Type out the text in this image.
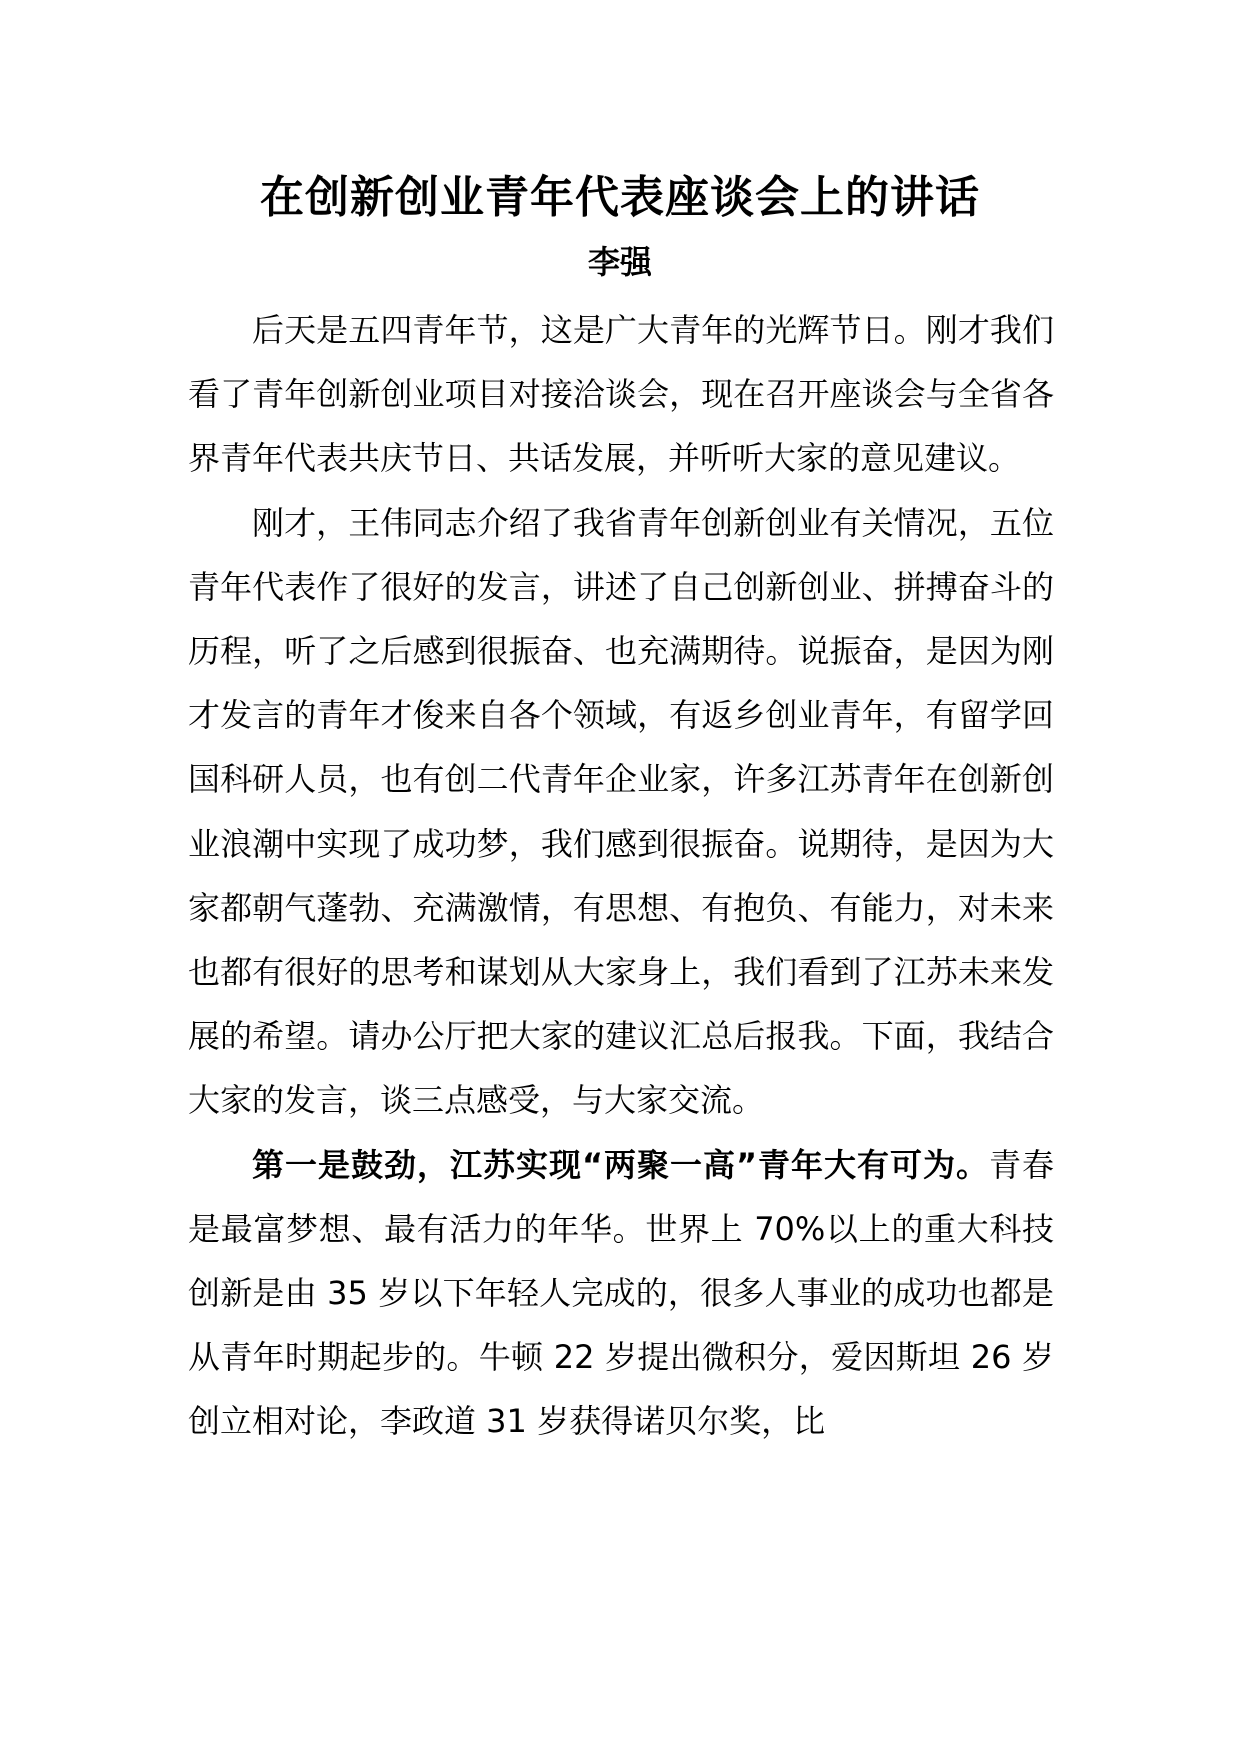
在创新创业青年代表座谈会上的讲话
李强

后天是五四青年节，这是广大青年的光辉节日。刚才我们看了青年创新创业项目对接洽谈会，现在召开座谈会与全省各界青年代表共庆节日、共话发展，并听听大家的意见建议。

刚才，王伟同志介绍了我省青年创新创业有关情况，五位青年代表作了很好的发言，讲述了自己创新创业、拼搏奋斗的历程，听了之后感到很振奋、也充满期待。说振奋，是因为刚才发言的青年才俊来自各个领域，有返乡创业青年，有留学回国科研人员，也有创二代青年企业家，许多江苏青年在创新创业浪潮中实现了成功梦，我们感到很振奋。说期待，是因为大家都朝气蓬勃、充满激情，有思想、有抱负、有能力，对未来也都有很好的思考和谋划从大家身上，我们看到了江苏未来发展的希望。请办公厅把大家的建议汇总后报我。下面，我结合大家的发言，谈三点感受，与大家交流。

第一是鼓劲，江苏实现“两聚一高”青年大有可为。青春是最富梦想、最有活力的年华。世界上 70%以上的重大科技创新是由 35 岁以下年轻人完成的，很多人事业的成功也都是从青年时期起步的。牛顿 22 岁提出微积分，爱因斯坦 26 岁创立相对论，李政道 31 岁获得诺贝尔奖，比
